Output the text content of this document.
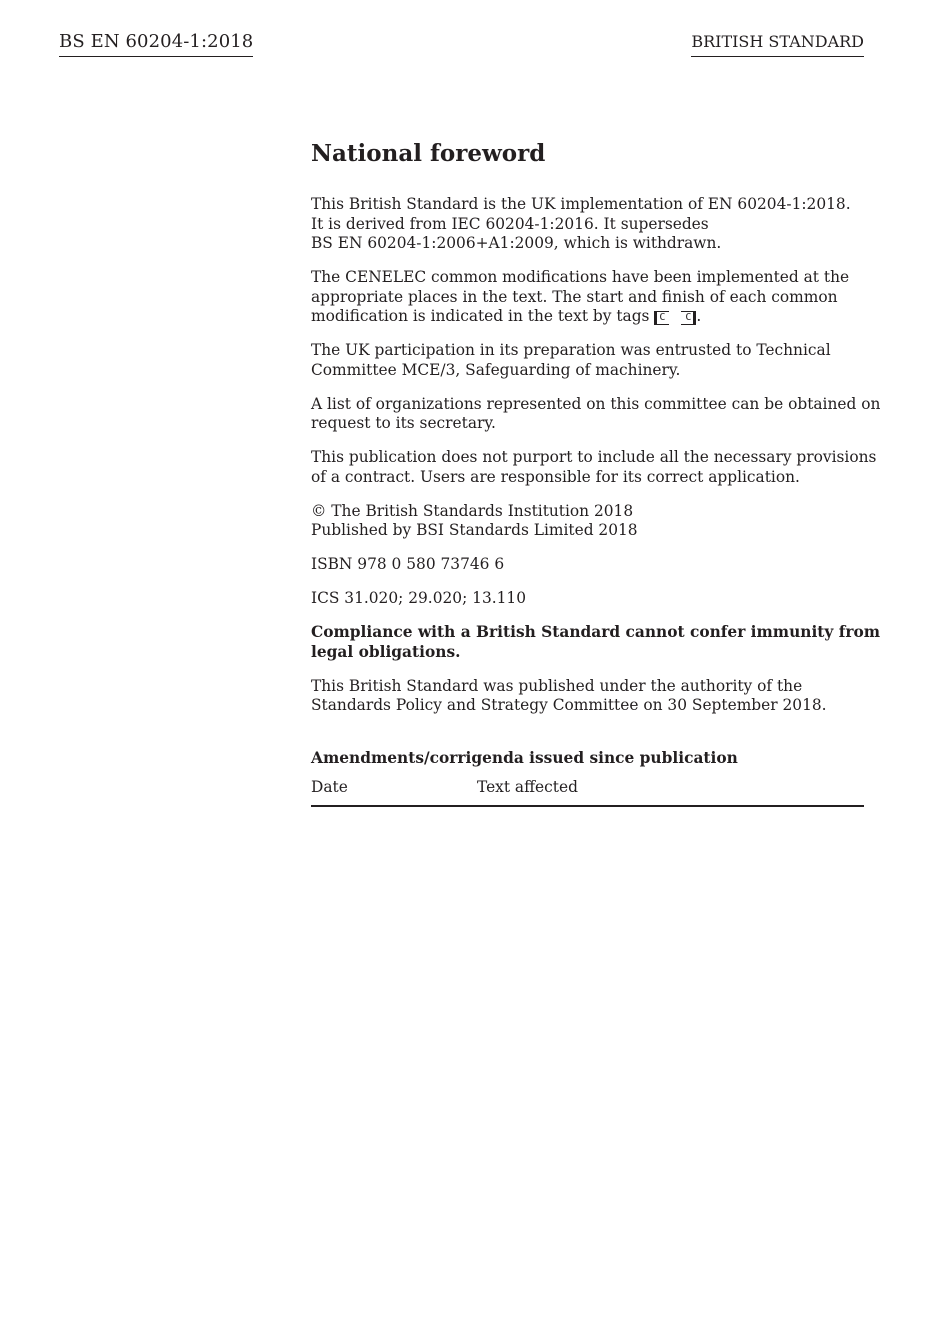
BS EN 60204-1:2018	BRITISH STANDARD
National foreword
This British Standard is the UK implementation of EN 60204-1:2018.
It is derived from IEC 60204-1:2016. It supersedes
BS EN 60204-1:2006+A1:2009, which is withdrawn.
The CENELEC common modifications have been implemented at the
appropriate places in the text. The start and finish of each common
modification is indicated in the text by tags C C .
The UK participation in its preparation was entrusted to Technical
Committee MCE/3, Safeguarding of machinery.
A list of organizations represented on this committee can be obtained on
request to its secretary.
This publication does not purport to include all the necessary provisions
of a contract. Users are responsible for its correct application.
© The British Standards Institution 2018
Published by BSI Standards Limited 2018
ISBN 978 0 580 73746 6
ICS 31.020; 29.020; 13.110
Compliance with a British Standard cannot confer immunity from
legal obligations.
This British Standard was published under the authority of the
Standards Policy and Strategy Committee on 30 September 2018.
Amendments/corrigenda issued since publication
Date	Text affected
